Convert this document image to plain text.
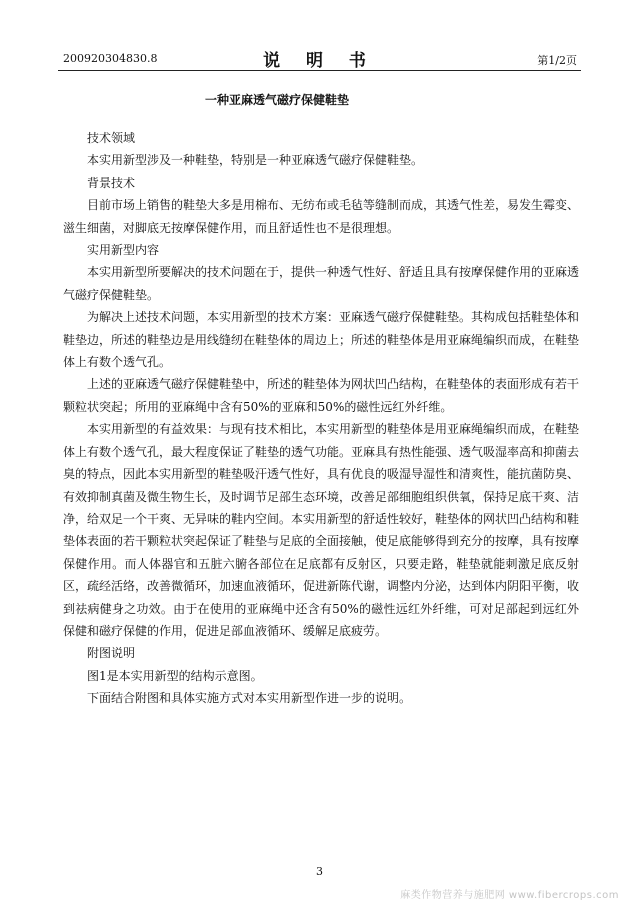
200920304830.8	说 明 书	第1/2页
一种亚麻透气磁疗保健鞋垫

技术领域

本实用新型涉及一种鞋垫，特别是一种亚麻透气磁疗保健鞋垫。

背景技术

目前市场上销售的鞋垫大多是用棉布、无纺布或毛毡等缝制而成，其透气性差，易发生霉变、滋生细菌，对脚底无按摩保健作用，而且舒适性也不是很理想。

实用新型内容

本实用新型所要解决的技术问题在于，提供一种透气性好、舒适且具有按摩保健作用的亚麻透气磁疗保健鞋垫。

为解决上述技术问题，本实用新型的技术方案：亚麻透气磁疗保健鞋垫。其构成包括鞋垫体和鞋垫边，所述的鞋垫边是用线缝纫在鞋垫体的周边上；所述的鞋垫体是用亚麻绳编织而成，在鞋垫体上有数个透气孔。

上述的亚麻透气磁疗保健鞋垫中，所述的鞋垫体为网状凹凸结构，在鞋垫体的表面形成有若干颗粒状突起；所用的亚麻绳中含有50%的亚麻和50%的磁性远红外纤维。

本实用新型的有益效果：与现有技术相比，本实用新型的鞋垫体是用亚麻绳编织而成，在鞋垫体上有数个透气孔，最大程度保证了鞋垫的透气功能。亚麻具有热性能强、透气吸湿率高和抑菌去臭的特点，因此本实用新型的鞋垫吸汗透气性好，具有优良的吸湿导湿性和清爽性，能抗菌防臭、有效抑制真菌及微生物生长，及时调节足部生态环境，改善足部细胞组织供氧，保持足底干爽、洁净，给双足一个干爽、无异味的鞋内空间。本实用新型的舒适性较好，鞋垫体的网状凹凸结构和鞋垫体表面的若干颗粒状突起保证了鞋垫与足底的全面接触，使足底能够得到充分的按摩，具有按摩保健作用。而人体器官和五脏六腑各部位在足底都有反射区，只要走路，鞋垫就能刺激足底反射区，疏经活络，改善微循环，加速血液循环，促进新陈代谢，调整内分泌，达到体内阴阳平衡，收到祛病健身之功效。由于在使用的亚麻绳中还含有50%的磁性远红外纤维，可对足部起到远红外保健和磁疗保健的作用，促进足部血液循环、缓解足底疲劳。

附图说明

图1是本实用新型的结构示意图。

下面结合附图和具体实施方式对本实用新型作进一步的说明。

3
麻类作物营养与施肥网 www.fibercrops.com
